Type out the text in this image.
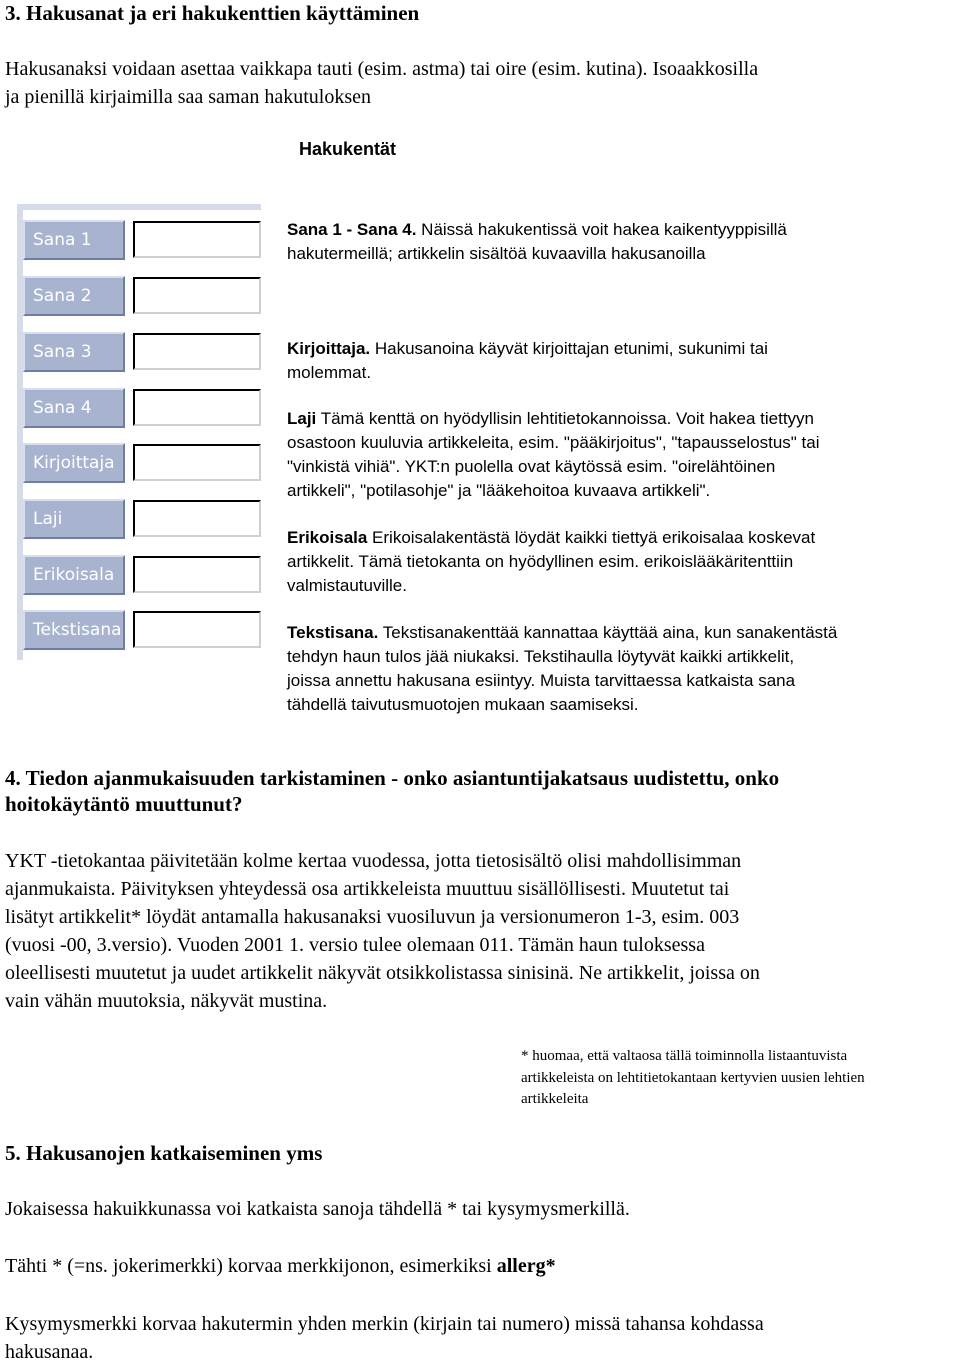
3. Hakusanat ja eri hakukenttien käyttäminen
Hakusanaksi voidaan asettaa vaikkapa tauti (esim. astma) tai oire (esim. kutina). Isoaakkosilla
ja pienillä kirjaimilla saa saman hakutuloksen
Hakukentät
Sana 1
Sana 2
Sana 3
Sana 4
Kirjoittaja
Laji
Erikoisala
Tekstisana
Sana 1 - Sana 4. Näissä hakukentissä voit hakea kaikentyyppisillä
hakutermeillä; artikkelin sisältöä kuvaavilla hakusanoilla
Kirjoittaja. Hakusanoina käyvät kirjoittajan etunimi, sukunimi tai
molemmat.
Laji Tämä kenttä on hyödyllisin lehtitietokannoissa. Voit hakea tiettyyn
osastoon kuuluvia artikkeleita, esim. "pääkirjoitus", "tapausselostus" tai
"vinkistä vihiä". YKT:n puolella ovat käytössä esim. "oirelähtöinen
artikkeli", "potilasohje" ja "lääkehoitoa kuvaava artikkeli".
Erikoisala Erikoisalakentästä löydät kaikki tiettyä erikoisalaa koskevat
artikkelit. Tämä tietokanta on hyödyllinen esim. erikoislääkäritenttiin
valmistautuville.
Tekstisana. Tekstisanakenttää kannattaa käyttää aina, kun sanakentästä
tehdyn haun tulos jää niukaksi. Tekstihaulla löytyvät kaikki artikkelit,
joissa annettu hakusana esiintyy. Muista tarvittaessa katkaista sana
tähdellä taivutusmuotojen mukaan saamiseksi.
4. Tiedon ajanmukaisuuden tarkistaminen - onko asiantuntijakatsaus uudistettu, onko
hoitokäytäntö muuttunut?
YKT -tietokantaa päivitetään kolme kertaa vuodessa, jotta tietosisältö olisi mahdollisimman
ajanmukaista. Päivityksen yhteydessä osa artikkeleista muuttuu sisällöllisesti. Muutetut tai
lisätyt artikkelit* löydät antamalla hakusanaksi vuosiluvun ja versionumeron 1-3, esim. 003
(vuosi -00, 3.versio). Vuoden 2001 1. versio tulee olemaan 011. Tämän haun tuloksessa
oleellisesti muutetut ja uudet artikkelit näkyvät otsikkolistassa sinisinä. Ne artikkelit, joissa on
vain vähän muutoksia, näkyvät mustina.
* huomaa, että valtaosa tällä toiminnolla listaantuvista
artikkeleista on lehtitietokantaan kertyvien uusien lehtien
artikkeleita
5. Hakusanojen katkaiseminen yms
Jokaisessa hakuikkunassa voi katkaista sanoja tähdellä * tai kysymysmerkillä.
Tähti * (=ns. jokerimerkki) korvaa merkkijonon, esimerkiksi allerg*
Kysymysmerkki korvaa hakutermin yhden merkin (kirjain tai numero) missä tahansa kohdassa
hakusanaa.
